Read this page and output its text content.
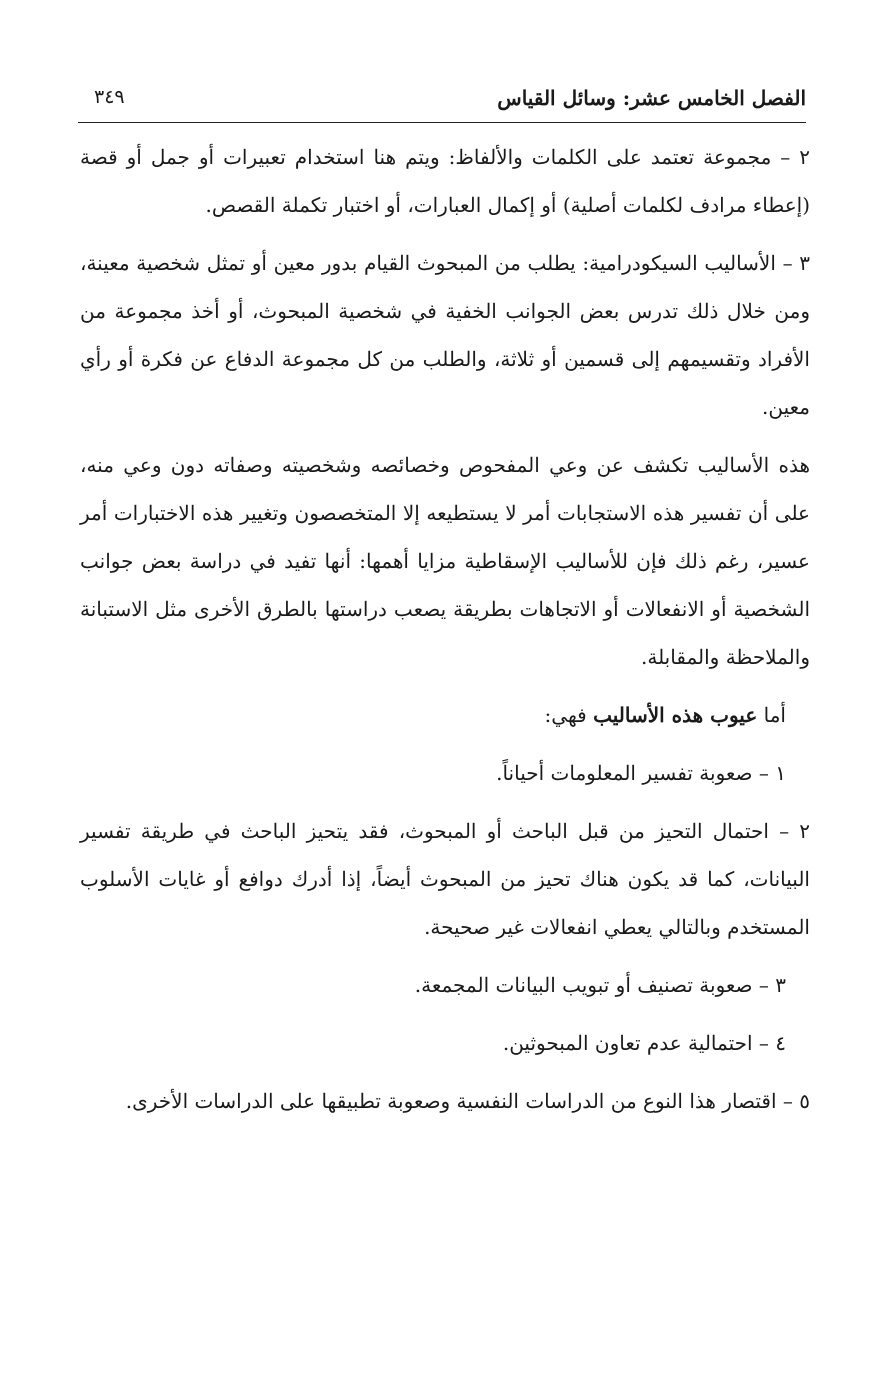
الفصل الخامس عشر: وسائل القياس
٣٤٩

٢ – مجموعة تعتمد على الكلمات والألفاظ: ويتم هنا استخدام تعبيرات أو جمل أو قصة (إعطاء مرادف لكلمات أصلية) أو إكمال العبارات، أو اختبار تكملة القصص.

٣ – الأساليب السيكودرامية: يطلب من المبحوث القيام بدور معين أو تمثل شخصية معينة، ومن خلال ذلك تدرس بعض الجوانب الخفية في شخصية المبحوث، أو أخذ مجموعة من الأفراد وتقسيمهم إلى قسمين أو ثلاثة، والطلب من كل مجموعة الدفاع عن فكرة أو رأي معين.

هذه الأساليب تكشف عن وعي المفحوص وخصائصه وشخصيته وصفاته دون وعي منه، على أن تفسير هذه الاستجابات أمر لا يستطيعه إلا المتخصصون وتغيير هذه الاختبارات أمر عسير، رغم ذلك فإن للأساليب الإسقاطية مزايا أهمها: أنها تفيد في دراسة بعض جوانب الشخصية أو الانفعالات أو الاتجاهات بطريقة يصعب دراستها بالطرق الأخرى مثل الاستبانة والملاحظة والمقابلة.

أما عيوب هذه الأساليب فهي:

١ – صعوبة تفسير المعلومات أحياناً.

٢ – احتمال التحيز من قبل الباحث أو المبحوث، فقد يتحيز الباحث في طريقة تفسير البيانات، كما قد يكون هناك تحيز من المبحوث أيضاً، إذا أدرك دوافع أو غايات الأسلوب المستخدم وبالتالي يعطي انفعالات غير صحيحة.

٣ – صعوبة تصنيف أو تبويب البيانات المجمعة.

٤ – احتمالية عدم تعاون المبحوثين.

٥ – اقتصار هذا النوع من الدراسات النفسية وصعوبة تطبيقها على الدراسات الأخرى.
